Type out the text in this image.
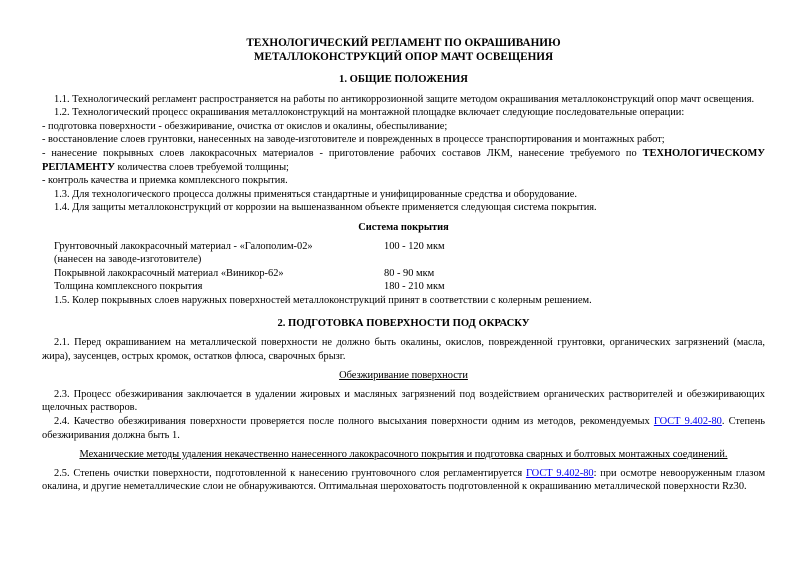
ТЕХНОЛОГИЧЕСКИЙ РЕГЛАМЕНТ ПО ОКРАШИВАНИЮ
МЕТАЛЛОКОНСТРУКЦИЙ ОПОР МАЧТ ОСВЕЩЕНИЯ
1. ОБЩИЕ ПОЛОЖЕНИЯ

1.1. Технологический регламент распространяется на работы по антикоррозионной защите методом окрашивания металлоконструкций опор мачт освещения.

1.2. Технологический процесс окрашивания металлоконструкций на монтажной площадке включает следующие последовательные операции:

- подготовка поверхности - обезжиривание, очистка от окислов и окалины, обеспыливание;

- восстановление слоев грунтовки, нанесенных на заводе-изготовителе и поврежденных в процессе транспортирования и монтажных работ;

- нанесение покрывных слоев лакокрасочных материалов - приготовление рабочих составов ЛКМ, нанесение требуемого по ТЕХНОЛОГИЧЕСКОМУ РЕГЛАМЕНТУ количества слоев требуемой толщины;

- контроль качества и приемка комплексного покрытия.

1.3. Для технологического процесса должны применяться стандартные и унифицированные средства и оборудование.

1.4. Для защиты металлоконструкций от коррозии на вышеназванном объекте применяется следующая система покрытия.

Система покрытия
Грунтовочный лакокрасочный материал - «Галополим-02»	100 - 120 мкм
(нанесен на заводе-изготовителе)
Покрывной лакокрасочный материал «Виникор-62»	80 - 90 мкм
Толщина комплексного покрытия	180 - 210 мкм

1.5. Колер покрывных слоев наружных поверхностей металлоконструкций принят в соответствии с колерным решением.

2. ПОДГОТОВКА ПОВЕРХНОСТИ ПОД ОКРАСКУ

2.1. Перед окрашиванием на металлической поверхности не должно быть окалины, окислов, поврежденной грунтовки, органических загрязнений (масла, жира), заусенцев, острых кромок, остатков флюса, сварочных брызг.

Обезжиривание поверхности

2.3. Процесс обезжиривания заключается в удалении жировых и масляных загрязнений под воздействием органических растворителей и обезжиривающих щелочных растворов.

2.4. Качество обезжиривания поверхности проверяется после полного высыхания поверхности одним из методов, рекомендуемых ГОСТ 9.402-80. Степень обезжиривания должна быть 1.

Механические методы удаления некачественно нанесенного лакокрасочного покрытия и подготовка сварных и болтовых монтажных соединений.

2.5. Степень очистки поверхности, подготовленной к нанесению грунтовочного слоя регламентируется ГОСТ 9.402-80: при осмотре невооруженным глазом окалина, и другие неметаллические слои не обнаруживаются. Оптимальная шероховатость подготовленной к окрашиванию металлической поверхности Rz30.
